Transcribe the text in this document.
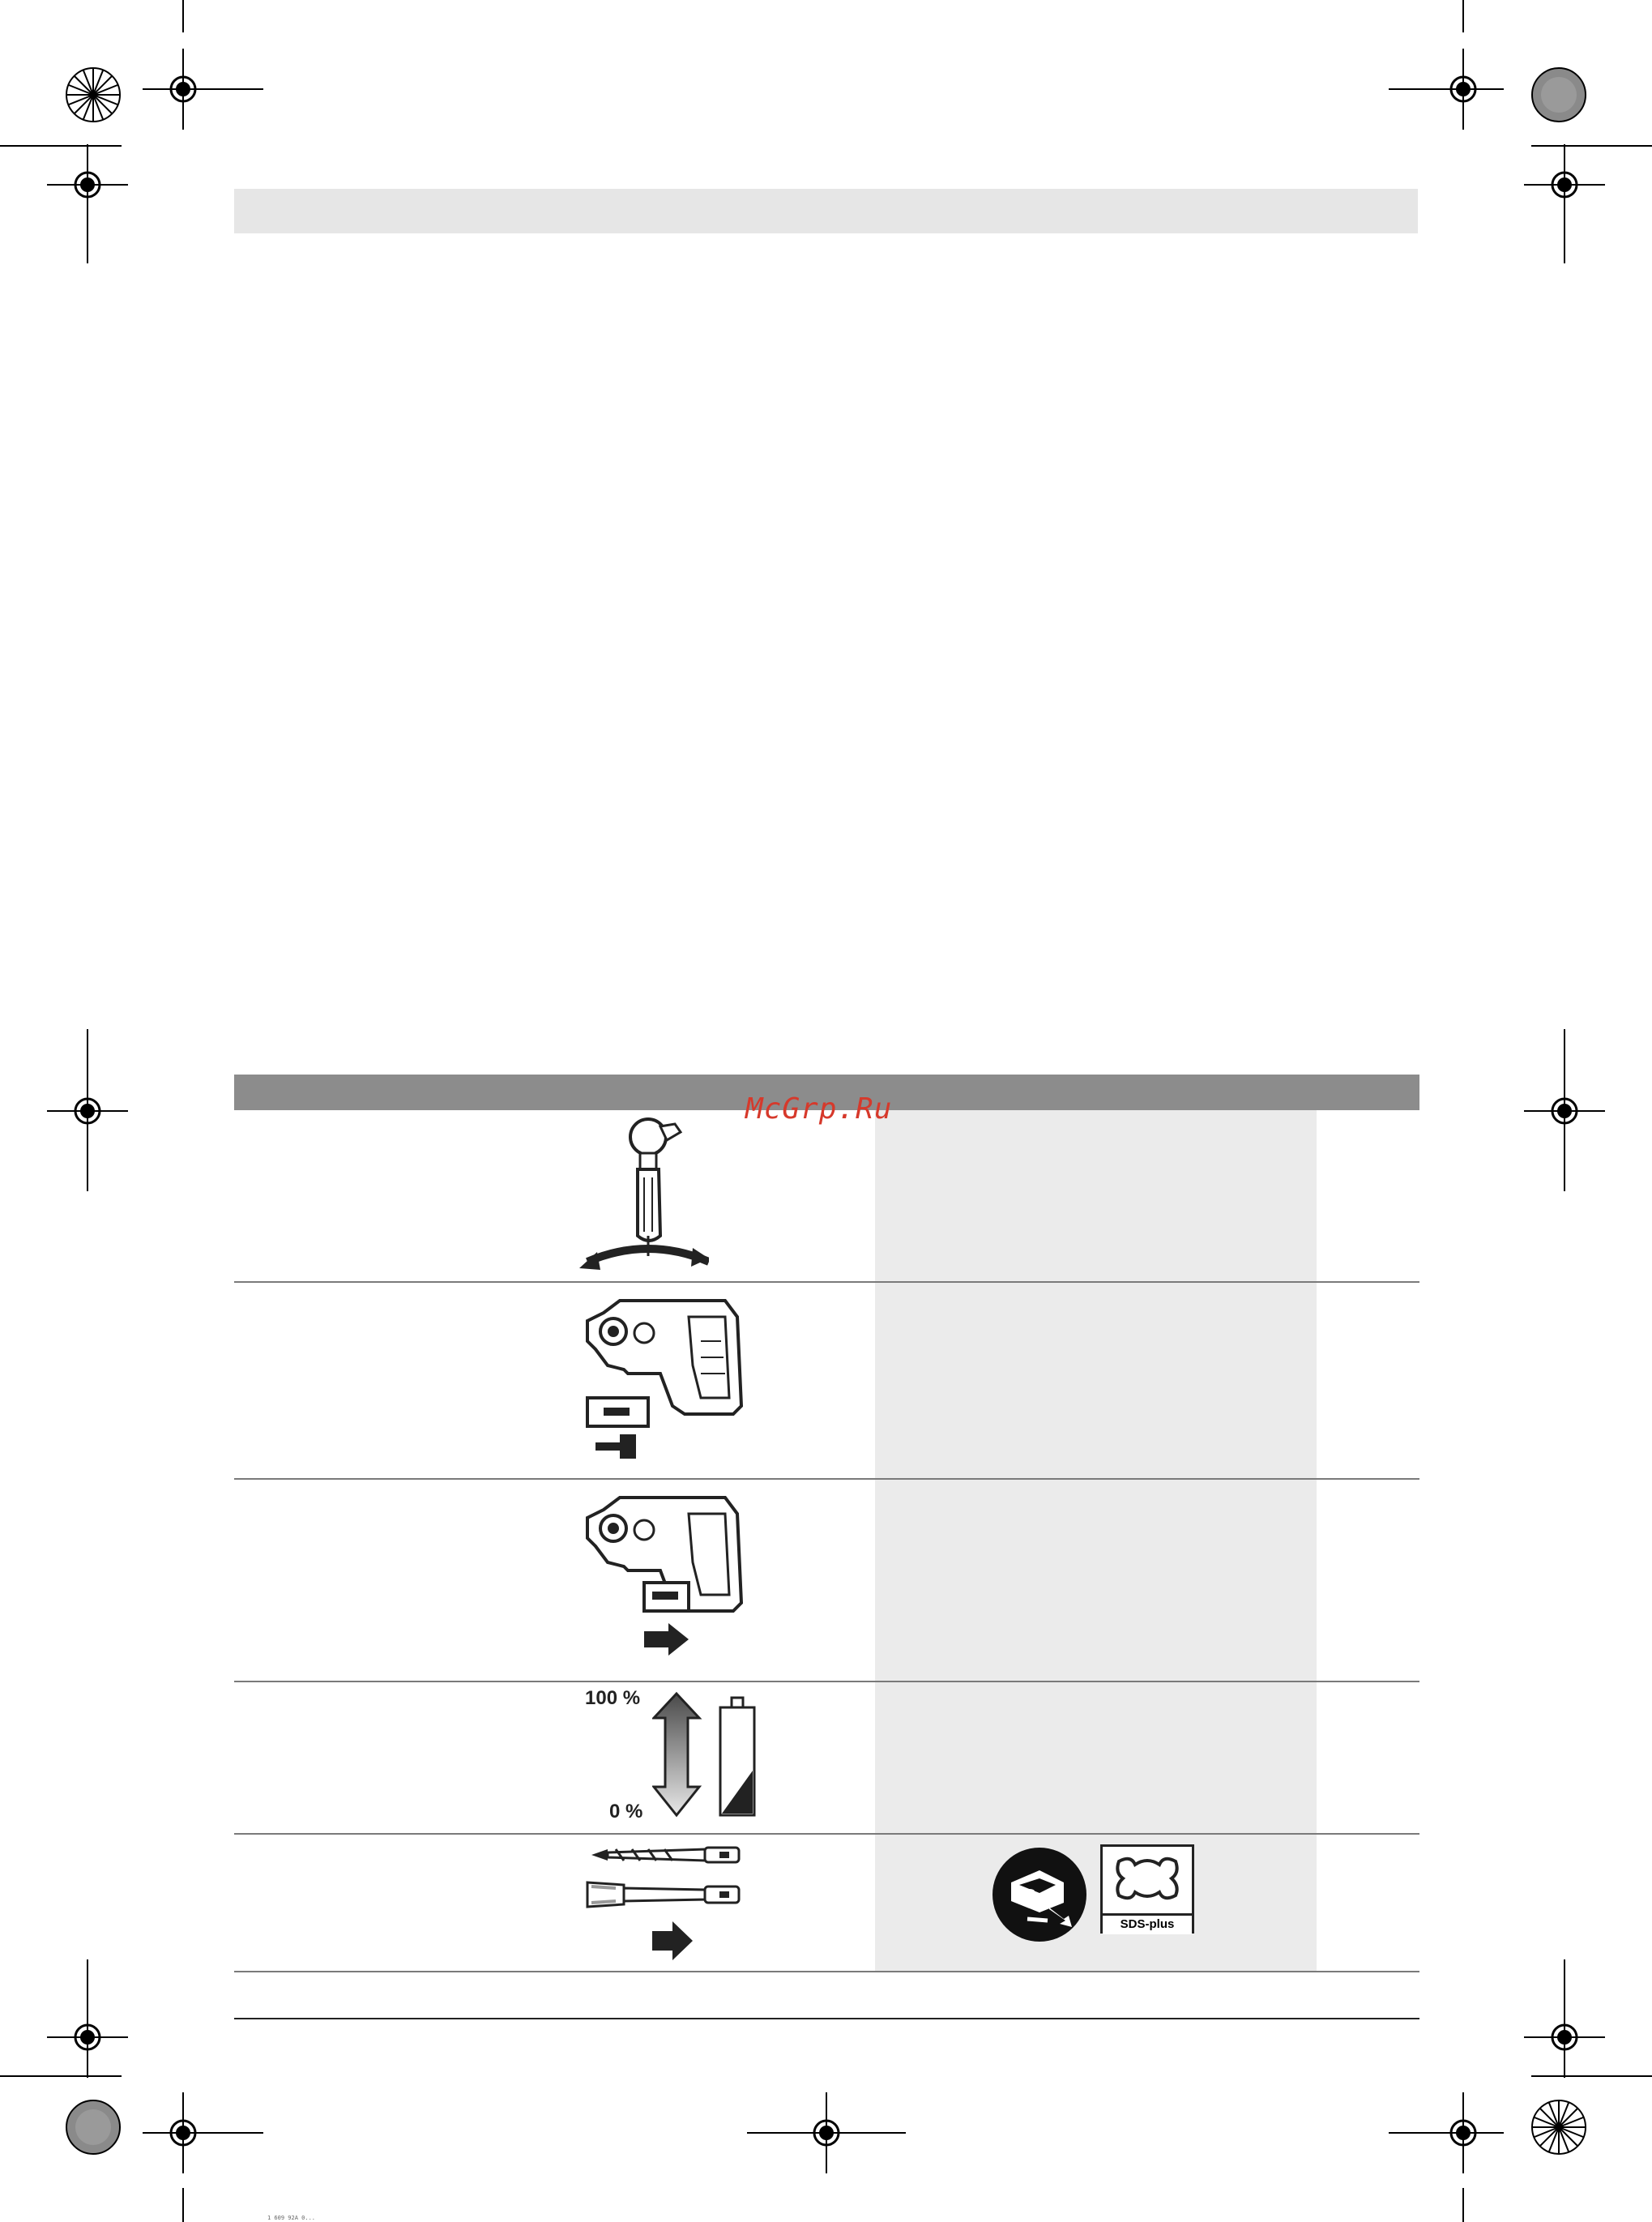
McGrp.Ru
100 %
0 %
SDS-plus
1 609 92A 0...
